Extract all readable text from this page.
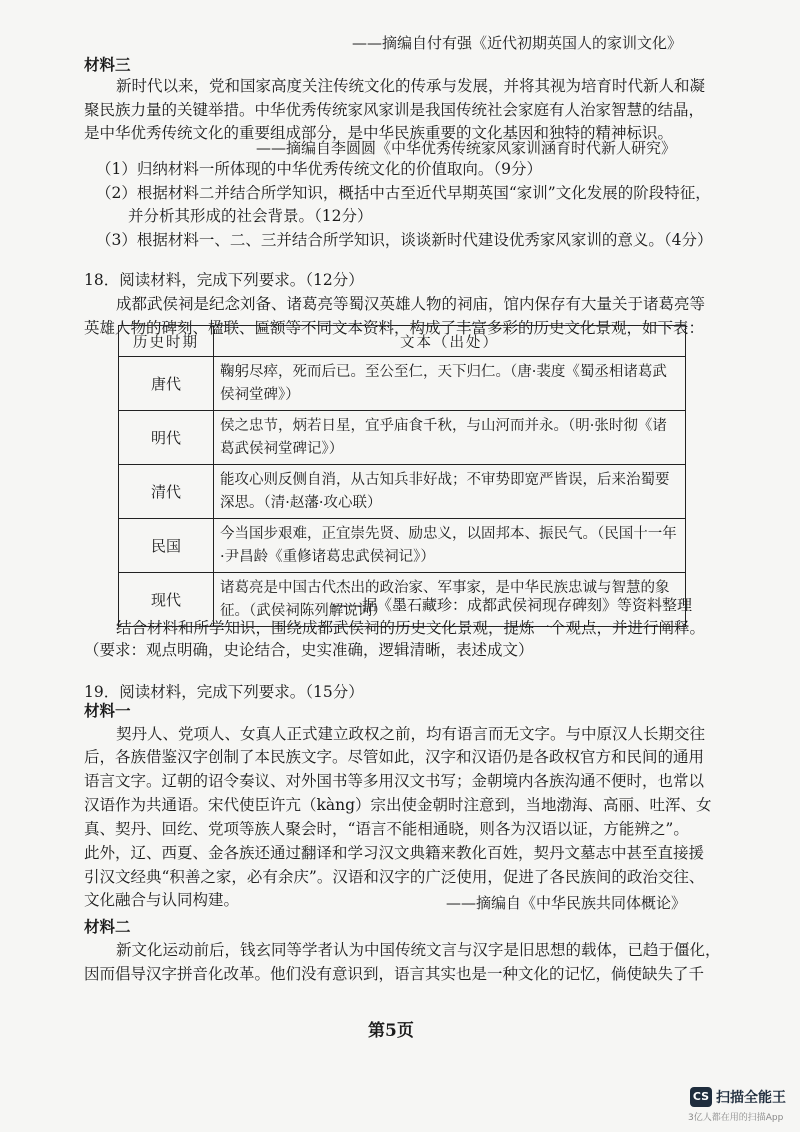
——摘编自付有强《近代初期英国人的家训文化》
材料三
新时代以来，党和国家高度关注传统文化的传承与发展，并将其视为培育时代新人和凝
聚民族力量的关键举措。中华优秀传统家风家训是我国传统社会家庭有人治家智慧的结晶，
是中华优秀传统文化的重要组成部分，是中华民族重要的文化基因和独特的精神标识。
——摘编自李圆圆《中华优秀传统家风家训涵育时代新人研究》
（1）归纳材料一所体现的中华优秀传统文化的价值取向。（9分）
（2）根据材料二并结合所学知识，概括中古至近代早期英国“家训”文化发展的阶段特征，
并分析其形成的社会背景。（12分）
（3）根据材料一、二、三并结合所学知识，谈谈新时代建设优秀家风家训的意义。（4分）
18．阅读材料，完成下列要求。（12分）
成都武侯祠是纪念刘备、诸葛亮等蜀汉英雄人物的祠庙，馆内保存有大量关于诸葛亮等
英雄人物的碑刻、楹联、匾额等不同文本资料，构成了丰富多彩的历史文化景观，如下表：
历史时期	文本（出处）
唐代	鞠躬尽瘁，死而后已。至公至仁，天下归仁。（唐·裴度《蜀丞相诸葛武侯祠堂碑》）
明代	侯之忠节，炳若日星，宜乎庙食千秋，与山河而并永。（明·张时彻《诸葛武侯祠堂碑记》）
清代	能攻心则反侧自消，从古知兵非好战；不审势即宽严皆误，后来治蜀要深思。（清·赵藩·攻心联）
民国	今当国步艰难，正宜崇先贤、励忠义，以固邦本、振民气。（民国十一年·尹昌龄《重修诸葛忠武侯祠记》）
现代	诸葛亮是中国古代杰出的政治家、军事家，是中华民族忠诚与智慧的象征。（武侯祠陈列解说词）
——据《墨石藏珍：成都武侯祠现存碑刻》等资料整理
结合材料和所学知识，围绕成都武侯祠的历史文化景观，提炼一个观点，并进行阐释。
（要求：观点明确，史论结合，史实准确，逻辑清晰，表述成文）
19．阅读材料，完成下列要求。（15分）
材料一
契丹人、党项人、女真人正式建立政权之前，均有语言而无文字。与中原汉人长期交往
后，各族借鉴汉字创制了本民族文字。尽管如此，汉字和汉语仍是各政权官方和民间的通用
语言文字。辽朝的诏令奏议、对外国书等多用汉文书写；金朝境内各族沟通不便时，也常以
汉语作为共通语。宋代使臣许亢（kàng）宗出使金朝时注意到，当地渤海、高丽、吐浑、女
真、契丹、回纥、党项等族人聚会时，“语言不能相通晓，则各为汉语以证，方能辨之”。
此外，辽、西夏、金各族还通过翻译和学习汉文典籍来教化百姓，契丹文墓志中甚至直接援
引汉文经典“积善之家，必有余庆”。汉语和汉字的广泛使用，促进了各民族间的政治交往、
文化融合与认同构建。	——摘编自《中华民族共同体概论》
材料二
新文化运动前后，钱玄同等学者认为中国传统文言与汉字是旧思想的载体，已趋于僵化，
因而倡导汉字拼音化改革。他们没有意识到，语言其实也是一种文化的记忆，倘使缺失了千
第5页
CS 扫描全能王
3亿人都在用的扫描App
